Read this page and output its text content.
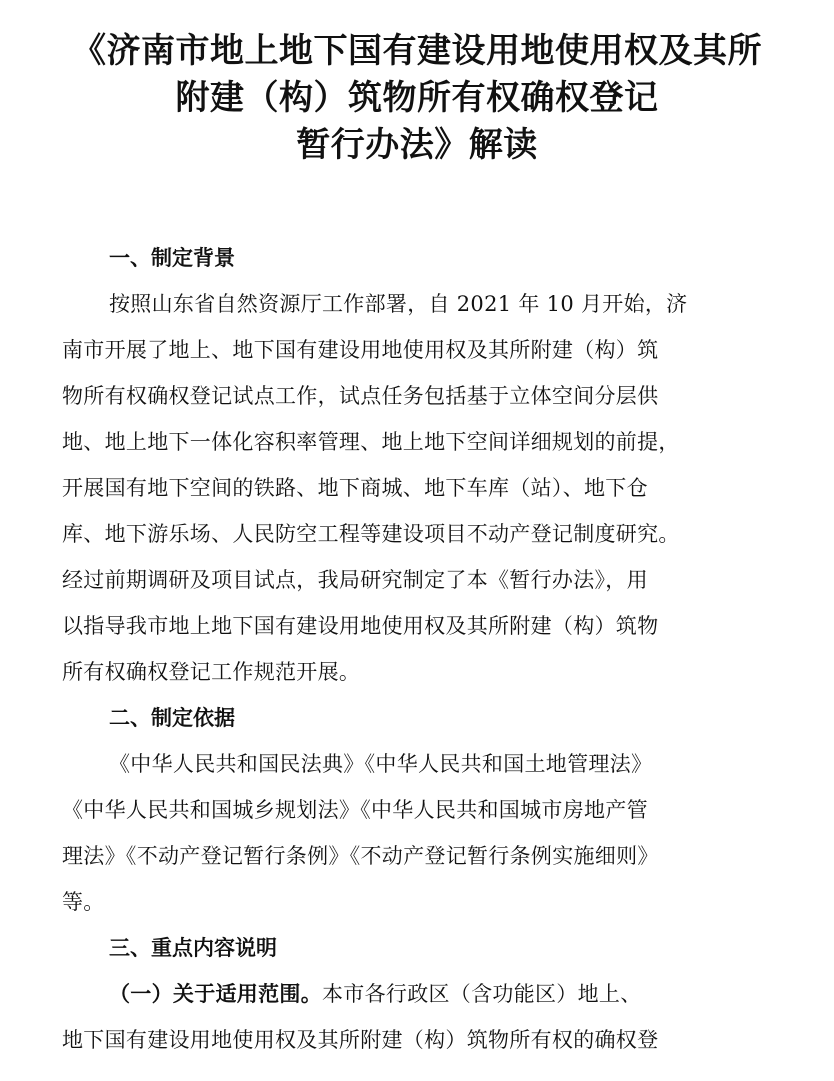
《济南市地上地下国有建设用地使用权及其所
附建（构）筑物所有权确权登记
暂行办法》解读
一、制定背景
按照山东省自然资源厅工作部署，自 2021 年 10 月开始，济
南市开展了地上、地下国有建设用地使用权及其所附建（构）筑
物所有权确权登记试点工作，试点任务包括基于立体空间分层供
地、地上地下一体化容积率管理、地上地下空间详细规划的前提，
开展国有地下空间的铁路、地下商城、地下车库（站）、地下仓
库、地下游乐场、人民防空工程等建设项目不动产登记制度研究。
经过前期调研及项目试点，我局研究制定了本《暂行办法》，用
以指导我市地上地下国有建设用地使用权及其所附建（构）筑物
所有权确权登记工作规范开展。
二、制定依据
《中华人民共和国民法典》《中华人民共和国土地管理法》
《中华人民共和国城乡规划法》《中华人民共和国城市房地产管
理法》《不动产登记暂行条例》《不动产登记暂行条例实施细则》
等。
三、重点内容说明
（一）关于适用范围。本市各行政区（含功能区）地上、
地下国有建设用地使用权及其所附建（构）筑物所有权的确权登
